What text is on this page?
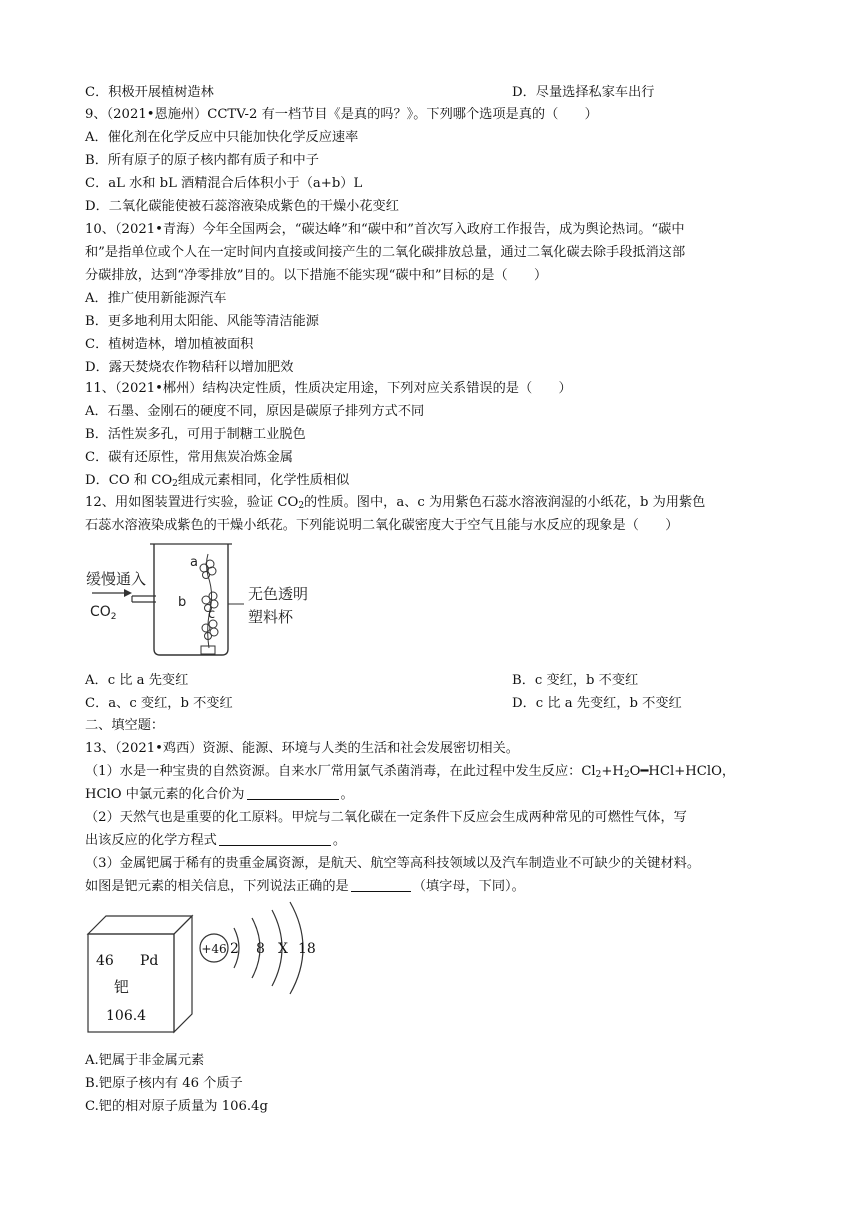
C．积极开展植树造林	D．尽量选择私家车出行
9、（2021•恩施州）CCTV-2 有一档节目《是真的吗？》。下列哪个选项是真的（　　）
A．催化剂在化学反应中只能加快化学反应速率
B．所有原子的原子核内都有质子和中子
C．aL 水和 bL 酒精混合后体积小于（a+b）L
D．二氧化碳能使被石蕊溶液染成紫色的干燥小花变红
10、（2021•青海）今年全国两会，“碳达峰”和“碳中和”首次写入政府工作报告，成为舆论热词。“碳中
和”是指单位或个人在一定时间内直接或间接产生的二氧化碳排放总量，通过二氧化碳去除手段抵消这部
分碳排放，达到“净零排放”目的。以下措施不能实现“碳中和”目标的是（　　）
A．推广使用新能源汽车
B．更多地利用太阳能、风能等清洁能源
C．植树造林，增加植被面积
D．露天焚烧农作物秸秆以增加肥效
11、（2021•郴州）结构决定性质，性质决定用途，下列对应关系错误的是（　　）
A．石墨、金刚石的硬度不同，原因是碳原子排列方式不同
B．活性炭多孔，可用于制糖工业脱色
C．碳有还原性，常用焦炭冶炼金属
D．CO 和 $CO_2$组成元素相同，化学性质相似
12、用如图装置进行实验，验证 $CO_2$的性质。图中，a、c 为用紫色石蕊水溶液润湿的小纸花，b 为用紫色
石蕊水溶液染成紫色的干燥小纸花。下列能说明二氧化碳密度大于空气且能与水反应的现象是（　　）
缓慢通入
$CO_2$
a
b
c
无色透明
塑料杯
A．c 比 a 先变红	B．c 变红，b 不变红
C．a、c 变红，b 不变红	D．c 比 a 先变红，b 不变红
二、填空题：
13、（2021•鸡西）资源、能源、环境与人类的生活和社会发展密切相关。
（1）水是一种宝贵的自然资源。自来水厂常用氯气杀菌消毒，在此过程中发生反应：$Cl_2+H_2O━HCl+HClO$，
HClO 中氯元素的化合价为	。
（2）天然气也是重要的化工原料。甲烷与二氧化碳在一定条件下反应会生成两种常见的可燃性气体，写
出该反应的化学方程式	。
（3）金属钯属于稀有的贵重金属资源，是航天、航空等高科技领域以及汽车制造业不可缺少的关键材料。
如图是钯元素的相关信息，下列说法正确的是	（填字母，下同）。
46 Pd
钯
106.4
+46 2 8 X 18
A.钯属于非金属元素
B.钯原子核内有 46 个质子
C.钯的相对原子质量为 106.4g
